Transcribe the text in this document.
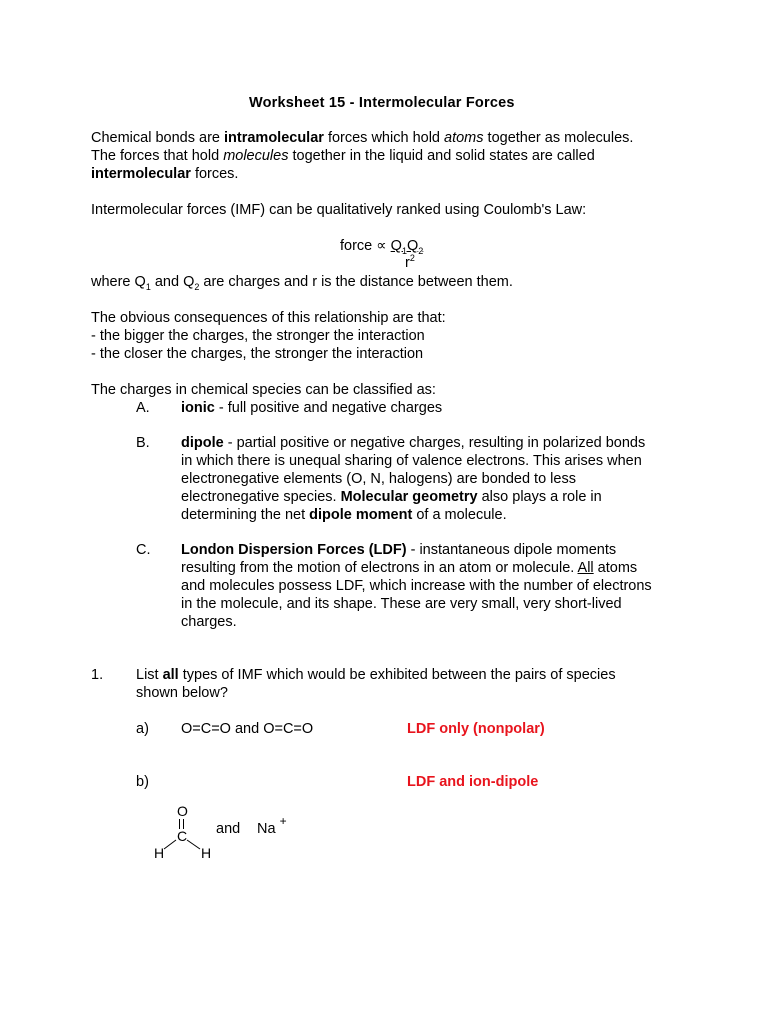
Worksheet 15 - Intermolecular Forces
Chemical bonds are intramolecular forces which hold atoms together as molecules.
The forces that hold molecules together in the liquid and solid states are called
intermolecular forces.
Intermolecular forces (IMF) can be qualitatively ranked using Coulomb's Law:
force ∝ $Q_1Q_2$
$r^2$
where $Q_1$ and $Q_2$ are charges and r is the distance between them.
The obvious consequences of this relationship are that:
- the bigger the charges, the stronger the interaction
- the closer the charges, the stronger the interaction
The charges in chemical species can be classified as:
A. ionic - full positive and negative charges
B. dipole - partial positive or negative charges, resulting in polarized bonds
in which there is unequal sharing of valence electrons. This arises when
electronegative elements (O, N, halogens) are bonded to less
electronegative species. Molecular geometry also plays a role in
determining the net dipole moment of a molecule.
C. London Dispersion Forces (LDF) - instantaneous dipole moments
resulting from the motion of electrons in an atom or molecule. All atoms
and molecules possess LDF, which increase with the number of electrons
in the molecule, and its shape. These are very small, very short-lived
charges.
1. List all types of IMF which would be exhibited between the pairs of species
shown below?
a) O=C=O and O=C=O	LDF only (nonpolar)
b)	LDF and ion-dipole
O
C
H	H
and Na +
